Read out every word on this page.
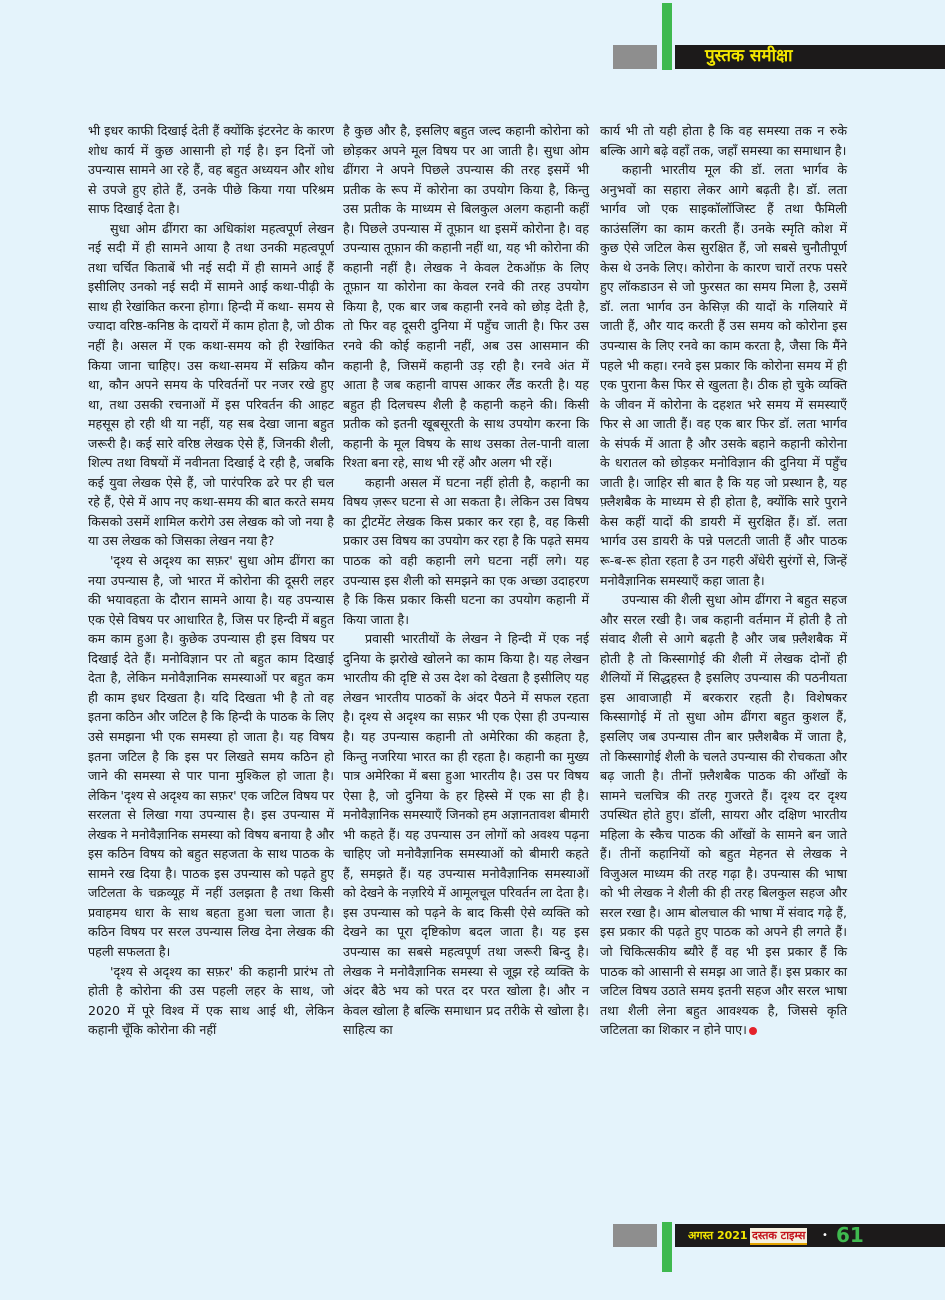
पुस्तक समीक्षा

भी इधर काफी दिखाई देती हैं क्योंकि इंटरनेट के कारण शोध कार्य में कुछ आसानी हो गई है। इन दिनों जो उपन्यास सामने आ रहे हैं, वह बहुत अध्ययन और शोध से उपजे हुए होते हैं, उनके पीछे किया गया परिश्रम साफ दिखाई देता है।

सुधा ओम ढींगरा का अधिकांश महत्वपूर्ण लेखन नई सदी में ही सामने आया है तथा उनकी महत्वपूर्ण तथा चर्चित किताबें भी नई सदी में ही सामने आई हैं इसीलिए उनको नई सदी में सामने आई कथा-पीढ़ी के साथ ही रेखांकित करना होगा। हिन्दी में कथा- समय से ज्यादा वरिष्ठ-कनिष्ठ के दायरों में काम होता है, जो ठीक नहीं है। असल में एक कथा-समय को ही रेखांकित किया जाना चाहिए। उस कथा-समय में सक्रिय कौन था, कौन अपने समय के परिवर्तनों पर नजर रखे हुए था, तथा उसकी रचनाओं में इस परिवर्तन की आहट महसूस हो रही थी या नहीं, यह सब देखा जाना बहुत जरूरी है। कई सारे वरिष्ठ लेखक ऐसे हैं, जिनकी शैली, शिल्प तथा विषयों में नवीनता दिखाई दे रही है, जबकि कई युवा लेखक ऐसे हैं, जो पारंपरिक ढरे पर ही चल रहे हैं, ऐसे में आप नए कथा-समय की बात करते समय किसको उसमें शामिल करोगे उस लेखक को जो नया है या उस लेखक को जिसका लेखन नया है?

'दृश्य से अदृश्य का सफ़र' सुधा ओम ढींगरा का नया उपन्यास है, जो भारत में कोरोना की दूसरी लहर की भयावहता के दौरान सामने आया है। यह उपन्यास एक ऐसे विषय पर आधारित है, जिस पर हिन्दी में बहुत कम काम हुआ है। कुछेक उपन्यास ही इस विषय पर दिखाई देते हैं। मनोविज्ञान पर तो बहुत काम दिखाई देता है, लेकिन मनोवैज्ञानिक समस्याओं पर बहुत कम ही काम इधर दिखता है। यदि दिखता भी है तो वह इतना कठिन और जटिल है कि हिन्दी के पाठक के लिए उसे समझना भी एक समस्या हो जाता है। यह विषय इतना जटिल है कि इस पर लिखते समय कठिन हो जाने की समस्या से पार पाना मुश्किल हो जाता है। लेकिन 'दृश्य से अदृश्य का सफ़र' एक जटिल विषय पर सरलता से लिखा गया उपन्यास है। इस उपन्यास में लेखक ने मनोवैज्ञानिक समस्या को विषय बनाया है और इस कठिन विषय को बहुत सहजता के साथ पाठक के सामने रख दिया है। पाठक इस उपन्यास को पढ़ते हुए जटिलता के चक्रव्यूह में नहीं उलझता है तथा किसी प्रवाहमय धारा के साथ बहता हुआ चला जाता है। कठिन विषय पर सरल उपन्यास लिख देना लेखक की पहली सफलता है।

'दृश्य से अदृश्य का सफ़र' की कहानी प्रारंभ तो होती है कोरोना की उस पहली लहर के साथ, जो 2020 में पूरे विश्व में एक साथ आई थी, लेकिन कहानी चूँकि कोरोना की नहीं

है कुछ और है, इसलिए बहुत जल्द कहानी कोरोना को छोड़कर अपने मूल विषय पर आ जाती है। सुधा ओम ढींगरा ने अपने पिछले उपन्यास की तरह इसमें भी प्रतीक के रूप में कोरोना का उपयोग किया है, किन्तु उस प्रतीक के माध्यम से बिलकुल अलग कहानी कहीं है। पिछले उपन्यास में तूफ़ान था इसमें कोरोना है। वह उपन्यास तूफ़ान की कहानी नहीं था, यह भी कोरोना की कहानी नहीं है। लेखक ने केवल टेकऑफ़ के लिए तूफ़ान या कोरोना का केवल रनवे की तरह उपयोग किया है, एक बार जब कहानी रनवे को छोड़ देती है, तो फिर वह दूसरी दुनिया में पहुँच जाती है। फिर उस रनवे की कोई कहानी नहीं, अब उस आसमान की कहानी है, जिसमें कहानी उड़ रही है। रनवे अंत में आता है जब कहानी वापस आकर लैंड करती है। यह बहुत ही दिलचस्प शैली है कहानी कहने की। किसी प्रतीक को इतनी खूबसूरती के साथ उपयोग करना कि कहानी के मूल विषय के साथ उसका तेल-पानी वाला रिश्ता बना रहे, साथ भी रहें और अलग भी रहें।

कहानी असल में घटना नहीं होती है, कहानी का विषय ज़रूर घटना से आ सकता है। लेकिन उस विषय का ट्रीटमेंट लेखक किस प्रकार कर रहा है, वह किसी प्रकार उस विषय का उपयोग कर रहा है कि पढ़ते समय पाठक को वही कहानी लगे घटना नहीं लगे। यह उपन्यास इस शैली को समझने का एक अच्छा उदाहरण है कि किस प्रकार किसी घटना का उपयोग कहानी में किया जाता है।

प्रवासी भारतीयों के लेखन ने हिन्दी में एक नई दुनिया के झरोखे खोलने का काम किया है। यह लेखन भारतीय की दृष्टि से उस देश को देखता है इसीलिए यह लेखन भारतीय पाठकों के अंदर पैठने में सफल रहता है। दृश्य से अदृश्य का सफ़र भी एक ऐसा ही उपन्यास है। यह उपन्यास कहानी तो अमेरिका की कहता है, किन्तु नजरिया भारत का ही रहता है। कहानी का मुख्य पात्र अमेरिका में बसा हुआ भारतीय है। उस पर विषय ऐसा है, जो दुनिया के हर हिस्से में एक सा ही है। मनोवैज्ञानिक समस्याएँ जिनको हम अज्ञानतावश बीमारी भी कहते हैं। यह उपन्यास उन लोगों को अवश्य पढ़ना चाहिए जो मनोवैज्ञानिक समस्याओं को बीमारी कहते हैं, समझते हैं। यह उपन्यास मनोवैज्ञानिक समस्याओं को देखने के नज़रिये में आमूलचूल परिवर्तन ला देता है। इस उपन्यास को पढ़ने के बाद किसी ऐसे व्यक्ति को देखने का पूरा दृष्टिकोण बदल जाता है। यह इस उपन्यास का सबसे महत्वपूर्ण तथा जरूरी बिन्दु है। लेखक ने मनोवैज्ञानिक समस्या से जूझ रहे व्यक्ति के अंदर बैठे भय को परत दर परत खोला है। और न केवल खोला है बल्कि समाधान प्रद तरीके से खोला है। साहित्य का

कार्य भी तो यही होता है कि वह समस्या तक न रुके बल्कि आगे बढ़े वहाँ तक, जहाँ समस्या का समाधान है।

कहानी भारतीय मूल की डॉ. लता भार्गव के अनुभवों का सहारा लेकर आगे बढ़ती है। डॉ. लता भार्गव जो एक साइकॉलॉजिस्ट हैं तथा फैमिली काउंसलिंग का काम करती हैं। उनके स्मृति कोश में कुछ ऐसे जटिल केस सुरक्षित हैं, जो सबसे चुनौतीपूर्ण केस थे उनके लिए। कोरोना के कारण चारों तरफ पसरे हुए लॉकडाउन से जो फुरसत का समय मिला है, उसमें डॉ. लता भार्गव उन केसिज़ की यादों के गलियारे में जाती हैं, और याद करती हैं उस समय को कोरोना इस उपन्यास के लिए रनवे का काम करता है, जैसा कि मैंने पहले भी कहा। रनवे इस प्रकार कि कोरोना समय में ही एक पुराना कैस फिर से खुलता है। ठीक हो चुके व्यक्ति के जीवन में कोरोना के दहशत भरे समय में समस्याएँ फिर से आ जाती हैं। वह एक बार फिर डॉ. लता भार्गव के संपर्क में आता है और उसके बहाने कहानी कोरोना के धरातल को छोड़कर मनोविज्ञान की दुनिया में पहुँच जाती है। जाहिर सी बात है कि यह जो प्रस्थान है, यह फ़्लैशबैक के माध्यम से ही होता है, क्योंकि सारे पुराने केस कहीं यादों की डायरी में सुरक्षित हैं। डॉ. लता भार्गव उस डायरी के पन्ने पलटती जाती हैं और पाठक रू-ब-रू होता रहता है उन गहरी अँधेरी सुरंगों से, जिन्हें मनोवैज्ञानिक समस्याएँ कहा जाता है।

उपन्यास की शैली सुधा ओम ढींगरा ने बहुत सहज और सरल रखी है। जब कहानी वर्तमान में होती है तो संवाद शैली से आगे बढ़ती है और जब फ़्लैशबैक में होती है तो किस्सागोई की शैली में लेखक दोनों ही शैलियों में सिद्धहस्त है इसलिए उपन्यास की पठनीयता इस आवाजाही में बरकरार रहती है। विशेषकर किस्सागोई में तो सुधा ओम ढींगरा बहुत कुशल हैं, इसलिए जब उपन्यास तीन बार फ़्लैशबैक में जाता है, तो किस्सागोई शैली के चलते उपन्यास की रोचकता और बढ़ जाती है। तीनों फ़्लैशबैक पाठक की आँखों के सामने चलचित्र की तरह गुजरते हैं। दृश्य दर दृश्य उपस्थित होते हुए। डॉली, सायरा और दक्षिण भारतीय महिला के स्कैच पाठक की आँखों के सामने बन जाते हैं। तीनों कहानियों को बहुत मेहनत से लेखक ने विजुअल माध्यम की तरह गढ़ा है। उपन्यास की भाषा को भी लेखक ने शैली की ही तरह बिलकुल सहज और सरल रखा है। आम बोलचाल की भाषा में संवाद गढ़े हैं, इस प्रकार की पढ़ते हुए पाठक को अपने ही लगते हैं। जो चिकित्सकीय ब्यौरे हैं वह भी इस प्रकार हैं कि पाठक को आसानी से समझ आ जाते हैं। इस प्रकार का जटिल विषय उठाते समय इतनी सहज और सरल भाषा तथा शैली लेना बहुत आवश्यक है, जिससे कृति जटिलता का शिकार न होने पाए।

अगस्त 2021 दस्तक टाइम्स • 61
